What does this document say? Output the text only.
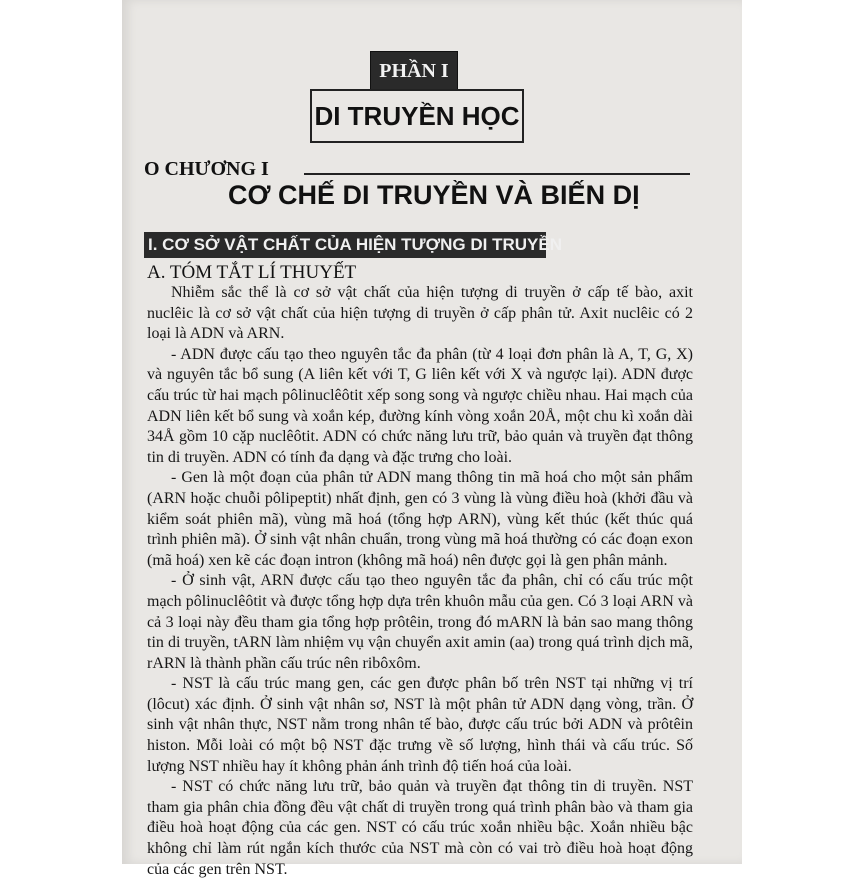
PHẦN I
DI TRUYỀN HỌC
O CHƯƠNG I
CƠ CHẾ DI TRUYỀN VÀ BIẾN DỊ
I. CƠ SỞ VẬT CHẤT CỦA HIỆN TƯỢNG DI TRUYỀN
A. TÓM TẮT LÍ THUYẾT

Nhiễm sắc thể là cơ sở vật chất của hiện tượng di truyền ở cấp tế bào, axit nuclêic là cơ sở vật chất của hiện tượng di truyền ở cấp phân tử. Axit nuclêic có 2 loại là ADN và ARN.

- ADN được cấu tạo theo nguyên tắc đa phân (từ 4 loại đơn phân là A, T, G, X) và nguyên tắc bổ sung (A liên kết với T, G liên kết với X và ngược lại). ADN được cấu trúc từ hai mạch pôlinuclêôtit xếp song song và ngược chiều nhau. Hai mạch của ADN liên kết bổ sung và xoắn kép, đường kính vòng xoắn 20Å, một chu kì xoắn dài 34Å gồm 10 cặp nuclêôtit. ADN có chức năng lưu trữ, bảo quản và truyền đạt thông tin di truyền. ADN có tính đa dạng và đặc trưng cho loài.

- Gen là một đoạn của phân tử ADN mang thông tin mã hoá cho một sản phẩm (ARN hoặc chuỗi pôlipeptit) nhất định, gen có 3 vùng là vùng điều hoà (khởi đầu và kiểm soát phiên mã), vùng mã hoá (tổng hợp ARN), vùng kết thúc (kết thúc quá trình phiên mã). Ở sinh vật nhân chuẩn, trong vùng mã hoá thường có các đoạn exon (mã hoá) xen kẽ các đoạn intron (không mã hoá) nên được gọi là gen phân mảnh.

- Ở sinh vật, ARN được cấu tạo theo nguyên tắc đa phân, chỉ có cấu trúc một mạch pôlinuclêôtit và được tổng hợp dựa trên khuôn mẫu của gen. Có 3 loại ARN và cả 3 loại này đều tham gia tổng hợp prôtêin, trong đó mARN là bản sao mang thông tin di truyền, tARN làm nhiệm vụ vận chuyển axit amin (aa) trong quá trình dịch mã, rARN là thành phần cấu trúc nên ribôxôm.

- NST là cấu trúc mang gen, các gen được phân bố trên NST tại những vị trí (lôcut) xác định. Ở sinh vật nhân sơ, NST là một phân tử ADN dạng vòng, trần. Ở sinh vật nhân thực, NST nằm trong nhân tế bào, được cấu trúc bởi ADN và prôtêin histon. Mỗi loài có một bộ NST đặc trưng về số lượng, hình thái và cấu trúc. Số lượng NST nhiều hay ít không phản ánh trình độ tiến hoá của loài.

- NST có chức năng lưu trữ, bảo quản và truyền đạt thông tin di truyền. NST tham gia phân chia đồng đều vật chất di truyền trong quá trình phân bào và tham gia điều hoà hoạt động của các gen. NST có cấu trúc xoắn nhiều bậc. Xoắn nhiều bậc không chỉ làm rút ngắn kích thước của NST mà còn có vai trò điều hoà hoạt động của các gen trên NST.
